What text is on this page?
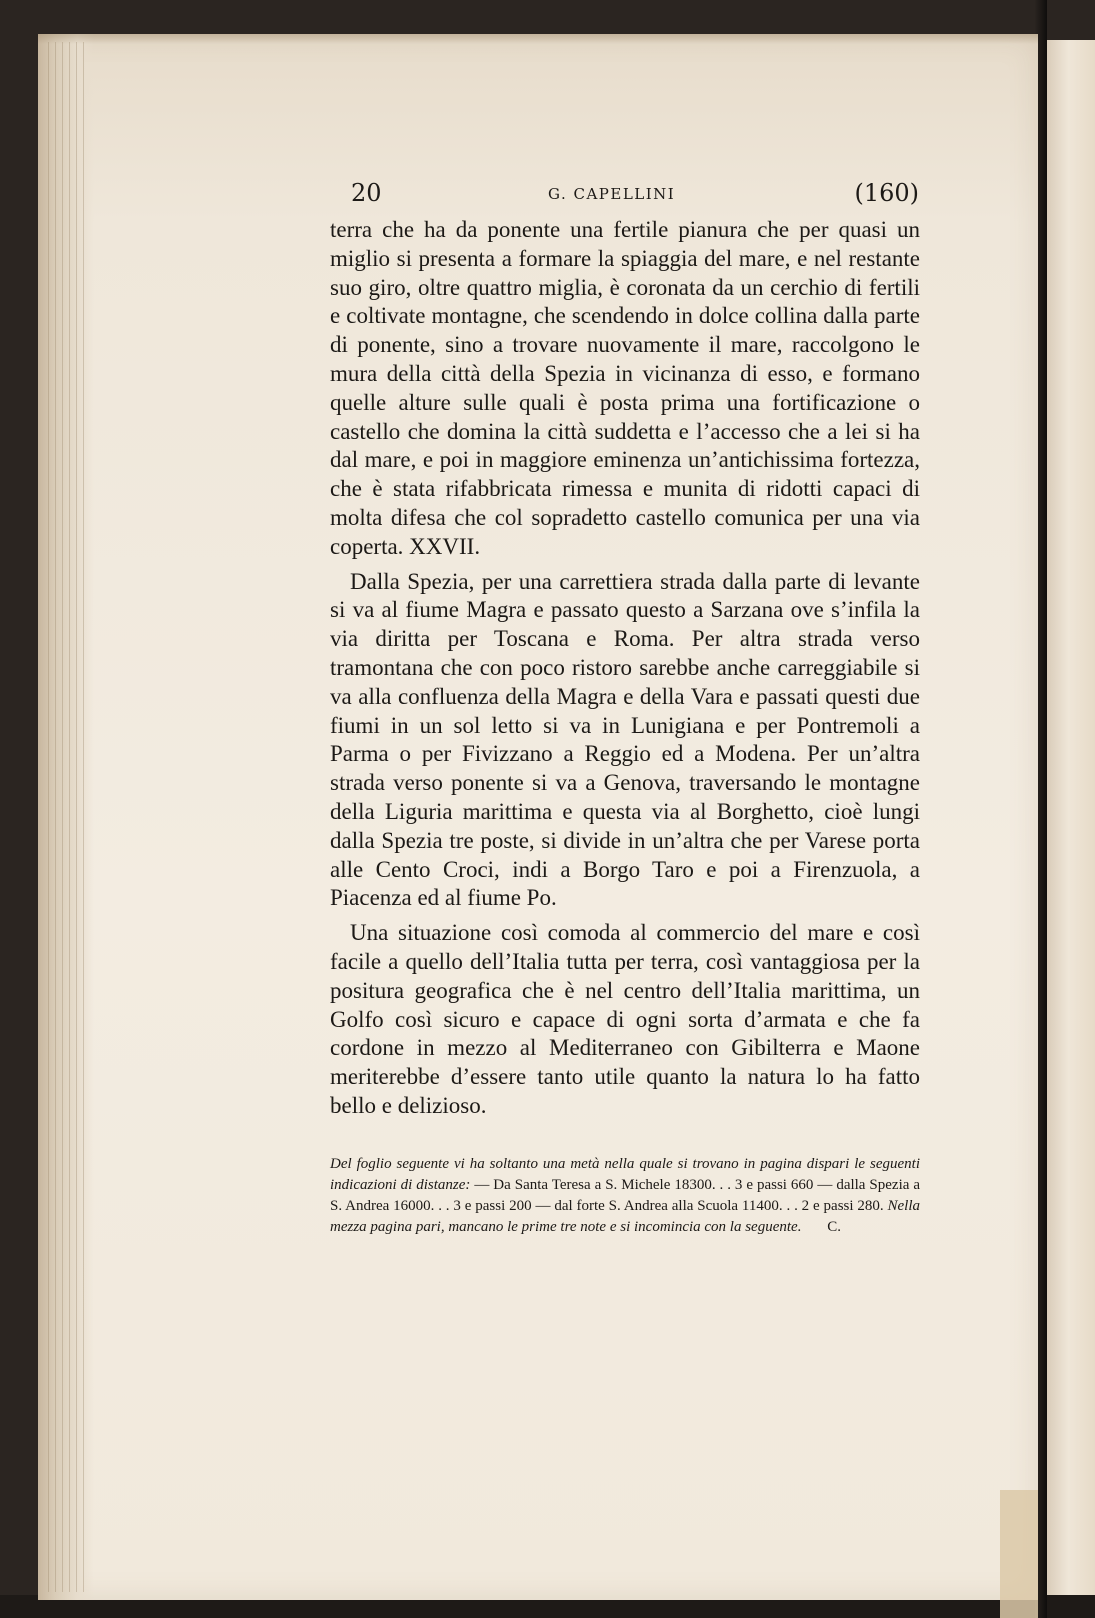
20	G. CAPELLINI	(160)

terra che ha da ponente una fertile pianura che per quasi un miglio si presenta a formare la spiaggia del mare, e nel restante suo giro, oltre quattro miglia, è coronata da un cerchio di fertili e coltivate montagne, che scendendo in dolce collina dalla parte di ponente, sino a trovare nuovamente il mare, raccolgono le mura della città della Spezia in vicinanza di esso, e formano quelle alture sulle quali è posta prima una fortificazione o castello che domina la città suddetta e l’accesso che a lei si ha dal mare, e poi in maggiore eminenza un’antichissima fortezza, che è stata rifabbricata rimessa e munita di ridotti capaci di molta difesa che col sopradetto castello comunica per una via coperta. XXVII.

Dalla Spezia, per una carrettiera strada dalla parte di levante si va al fiume Magra e passato questo a Sarzana ove s’infila la via diritta per Toscana e Roma. Per altra strada verso tramontana che con poco ristoro sarebbe anche carreggiabile si va alla confluenza della Magra e della Vara e passati questi due fiumi in un sol letto si va in Lunigiana e per Pontremoli a Parma o per Fivizzano a Reggio ed a Modena. Per un’altra strada verso ponente si va a Genova, traversando le montagne della Liguria marittima e questa via al Borghetto, cioè lungi dalla Spezia tre poste, si divide in un’altra che per Varese porta alle Cento Croci, indi a Borgo Taro e poi a Firenzuola, a Piacenza ed al fiume Po.

Una situazione così comoda al commercio del mare e così facile a quello dell’Italia tutta per terra, così vantaggiosa per la positura geografica che è nel centro dell’Italia marittima, un Golfo così sicuro e capace di ogni sorta d’armata e che fa cordone in mezzo al Mediterraneo con Gibilterra e Maone meriterebbe d’essere tanto utile quanto la natura lo ha fatto bello e delizioso.

Del foglio seguente vi ha soltanto una metà nella quale si trovano in pagina dispari le seguenti indicazioni di distanze: — Da Santa Teresa a S. Michele 18300. . . 3 e passi 660 — dalla Spezia a S. Andrea 16000. . . 3 e passi 200 — dal forte S. Andrea alla Scuola 11400. . . 2 e passi 280. Nella mezza pagina pari, mancano le prime tre note e si incomincia con la seguente. C.
